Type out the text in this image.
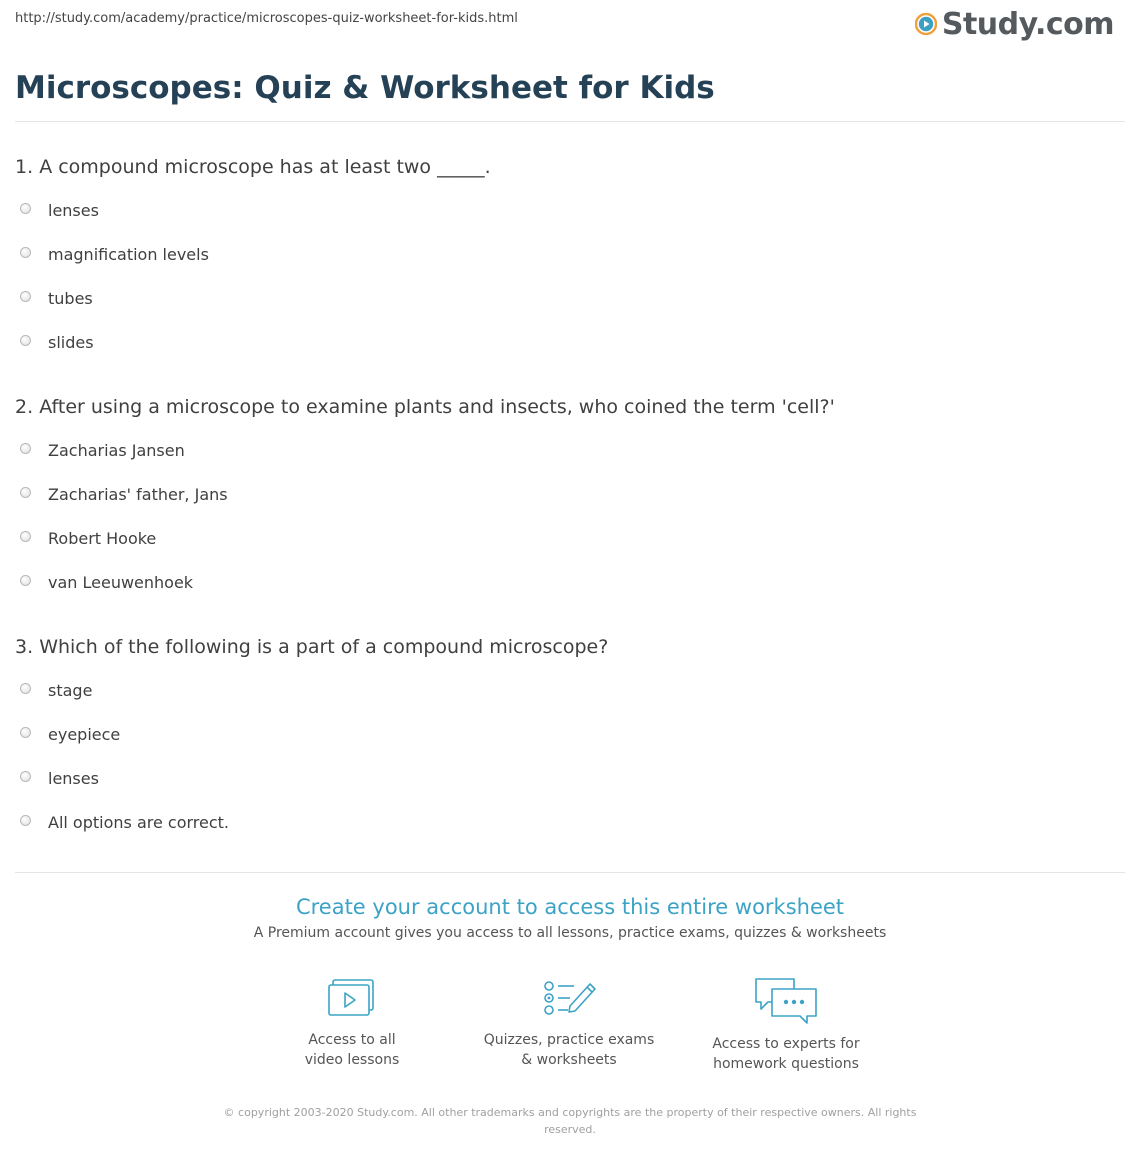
http://study.com/academy/practice/microscopes-quiz-worksheet-for-kids.html	Study.com
Microscopes: Quiz & Worksheet for Kids
1. A compound microscope has at least two _____.
lenses
magnification levels
tubes
slides
2. After using a microscope to examine plants and insects, who coined the term 'cell?'
Zacharias Jansen
Zacharias' father, Jans
Robert Hooke
van Leeuwenhoek
3. Which of the following is a part of a compound microscope?
stage
eyepiece
lenses
All options are correct.
Create your account to access this entire worksheet
A Premium account gives you access to all lessons, practice exams, quizzes & worksheets
Access to all
video lessons
Quizzes, practice exams
& worksheets
Access to experts for
homework questions
© copyright 2003-2020 Study.com. All other trademarks and copyrights are the property of their respective owners. All rights reserved.
